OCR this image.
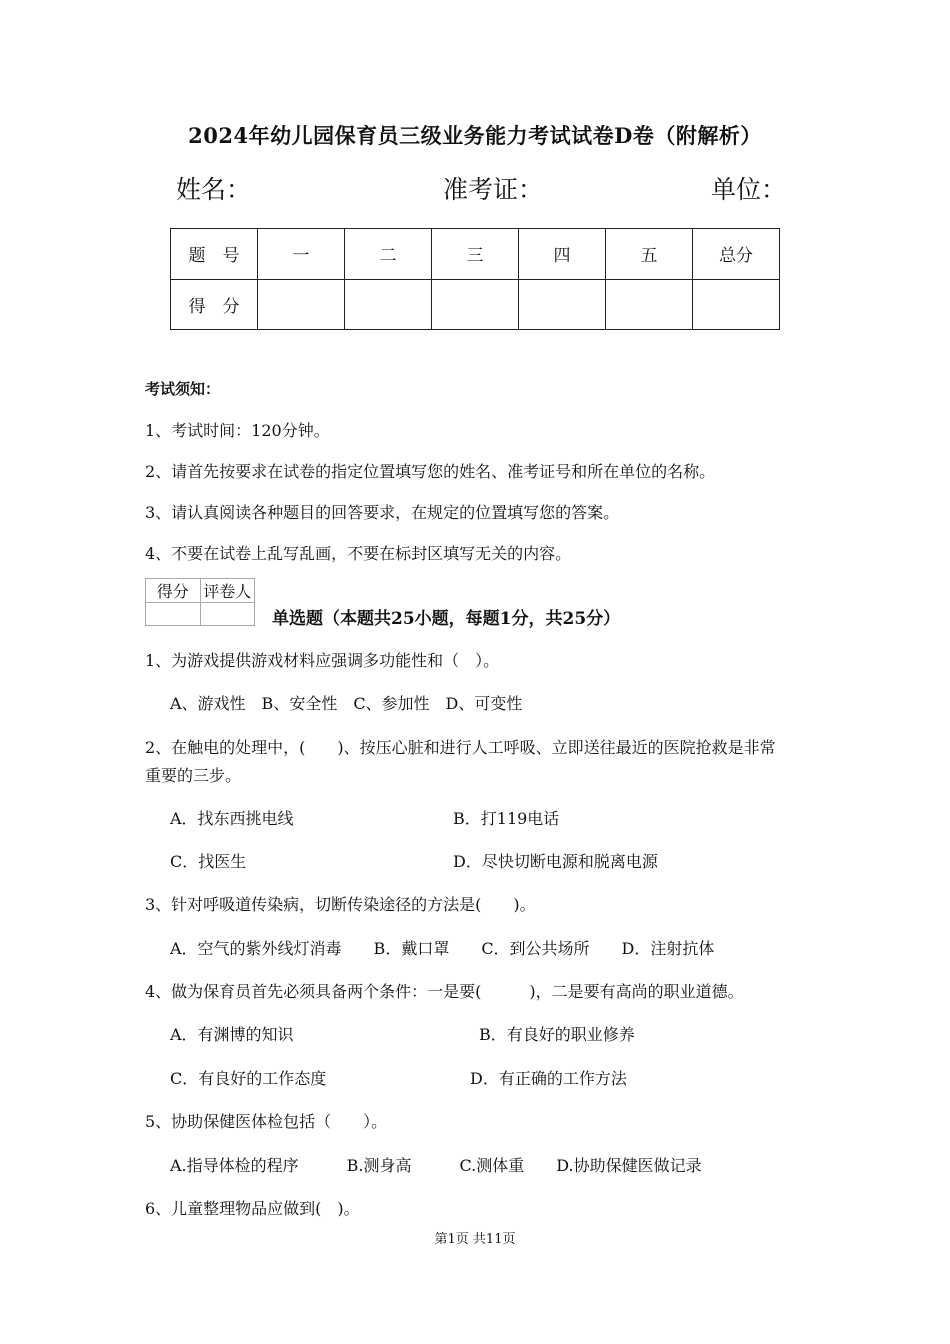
2024年幼儿园保育员三级业务能力考试试卷D卷（附解析）
姓名：	准考证：	单位：
题　号	一	二	三	四	五	总分
得　分						
考试须知：
1、考试时间：120分钟。
2、请首先按要求在试卷的指定位置填写您的姓名、准考证号和所在单位的名称。
3、请认真阅读各种题目的回答要求，在规定的位置填写您的答案。
4、不要在试卷上乱写乱画，不要在标封区填写无关的内容。
得分	评卷人

单选题（本题共25小题，每题1分，共25分）
1、为游戏提供游戏材料应强调多功能性和（　）。
A、游戏性　B、安全性　C、参加性　D、可变性
2、在触电的处理中，(　　)、按压心脏和进行人工呼吸、立即送往最近的医院抢救是非常
重要的三步。
A．找东西挑电线	B．打119电话
C．找医生	D．尽快切断电源和脱离电源
3、针对呼吸道传染病，切断传染途径的方法是(　　)。
A．空气的紫外线灯消毒　　B．戴口罩　　C．到公共场所　　D．注射抗体
4、做为保育员首先必须具备两个条件：一是要(　　　)，二是要有高尚的职业道德。
A．有渊博的知识	B．有良好的职业修养
C．有良好的工作态度	D．有正确的工作方法
5、协助保健医体检包括（　　）。
A.指导体检的程序　　　B.测身高　　　C.测体重　　D.协助保健医做记录
6、儿童整理物品应做到(　)。
第1页 共11页
